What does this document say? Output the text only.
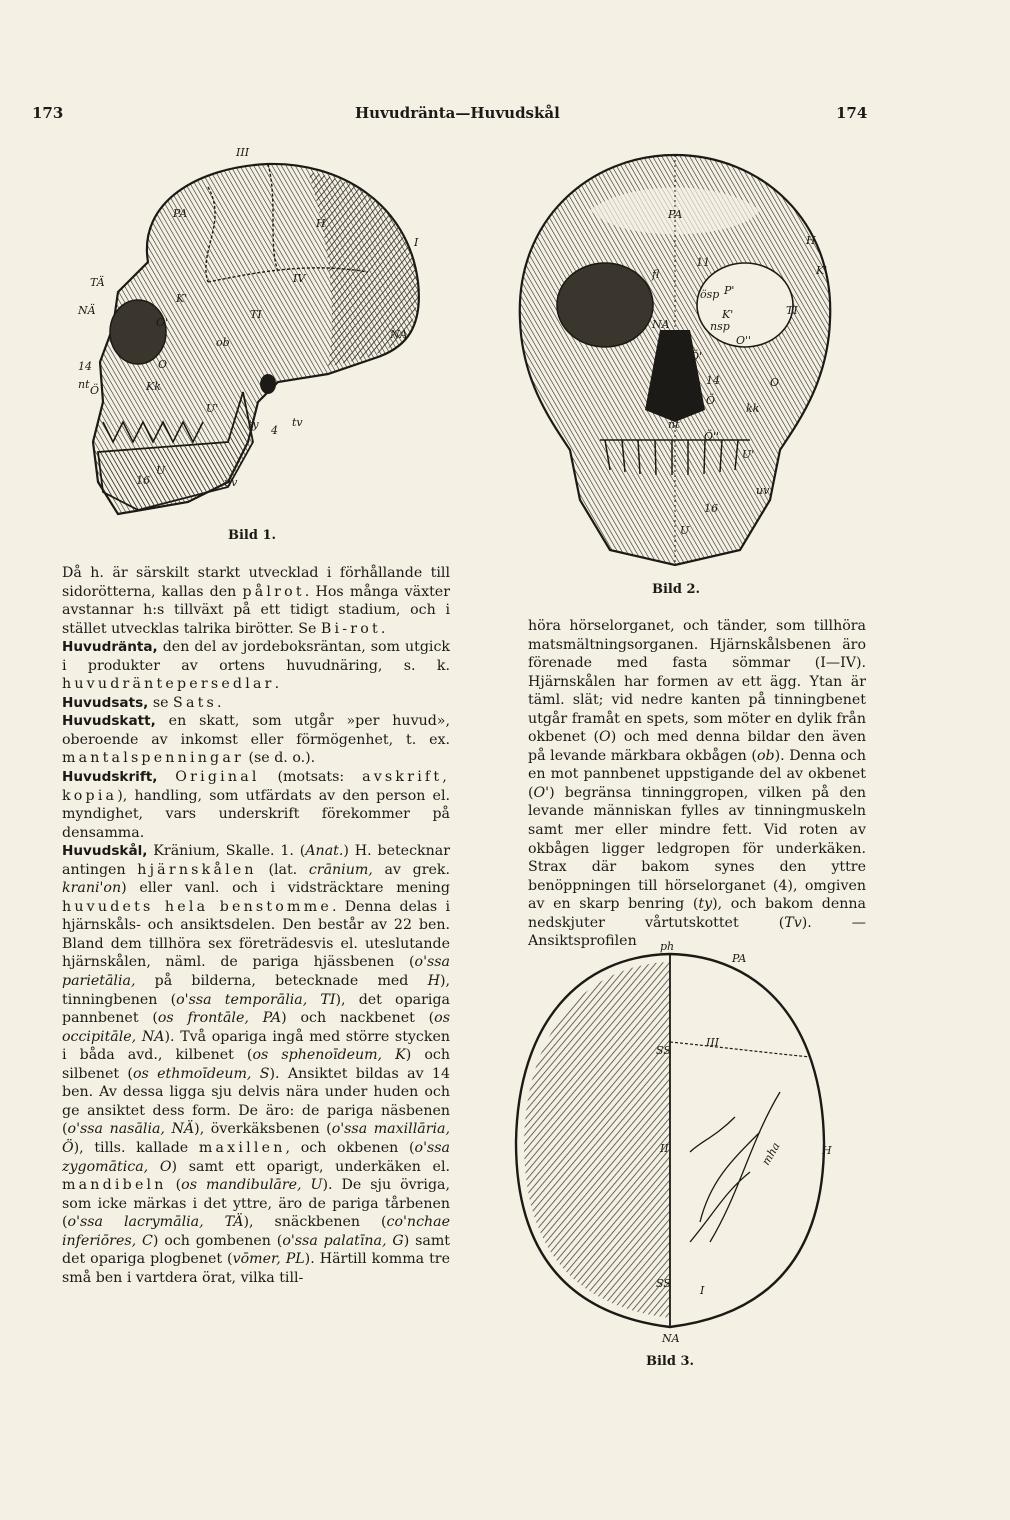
173	Huvudränta—Huvudskål	174
III
PA
H
I
IV
TÄ
NÄ
K'
O'
TI
NA
O
Ö
ob
Kk
ty 4
tv
U'
U
16	uv
nt
14
Bild 1.
PA
H
K'
fl
11
ösp P'
K'	TI
NA	nsp
O''
Ö'
S''
C 14	O
PL
Ö
kk
nt
Ö''
U'
uv
16
U
Bild 2.

Då h. är särskilt starkt utvecklad i förhållande till sidorötterna, kallas den pålrot. Hos många växter avstannar h:s tillväxt på ett tidigt stadium, och i stället utvecklas talrika birötter. Se Bi-rot.

Huvudränta, den del av jordeboksräntan, som utgick i produkter av ortens huvudnäring, s. k. huvudräntepersedlar.

Huvudsats, se Sats.

Huvudskatt, en skatt, som utgår »per huvud», oberoende av inkomst eller förmögenhet, t. ex. mantalspenningar (se d. o.).

Huvudskrift, Original (motsats: avskrift, kopia), handling, som utfärdats av den person el. myndighet, vars underskrift förekommer på densamma.

Huvudskål, Kränium, Skalle. 1. (Anat.) H. betecknar antingen hjärnskålen (lat. crānium, av grek. krani'on) eller vanl. och i vidsträcktare mening huvudets hela benstomme. Denna delas i hjärnskåls- och ansiktsdelen. Den består av 22 ben. Bland dem tillhöra sex företrädesvis el. uteslutande hjärnskålen, näml. de pariga hjässbenen (o'ssa parietālia, på bilderna, betecknade med H), tinningbenen (o'ssa temporālia, TI), det opariga pannbenet (os frontāle, PA) och nackbenet (os occipitāle, NA). Två opariga ingå med större stycken i båda avd., kilbenet (os sphenoīdeum, K) och silbenet (os ethmoīdeum, S). Ansiktet bildas av 14 ben. Av dessa ligga sju delvis nära under huden och ge ansiktet dess form. De äro: de pariga näsbenen (o'ssa nasālia, NÄ), överkäksbenen (o'ssa maxillāria, Ö), tills. kallade maxillen, och okbenen (o'ssa zygomātica, O) samt ett oparigt, underkäken el. mandibeln (os mandibulāre, U). De sju övriga, som icke märkas i det yttre, äro de pariga tårbenen (o'ssa lacrymālia, TÄ), snäckbenen (co'nchae inferiōres, C) och gombenen (o'ssa palatīna, G) samt det opariga plogbenet (vōmer, PL). Härtill komma tre små ben i vartdera örat, vilka till-

höra hörselorganet, och tänder, som tillhöra matsmältningsorganen. Hjärnskålsbenen äro förenade med fasta sömmar (I—IV). Hjärnskålen har formen av ett ägg. Ytan är täml. slät; vid nedre kanten på tinningbenet utgår framåt en spets, som möter en dylik från okbenet (O) och med denna bildar den även på levande märkbara okbågen (ob). Denna och en mot pannbenet uppstigande del av okbenet (O') begränsa tinninggropen, vilken på den levande människan fylles av tinningmuskeln samt mer eller mindre fett. Vid roten av okbågen ligger ledgropen för underkäken. Strax där bakom synes den yttre benöppningen till hörselorganet (4), omgiven av en skarp benring (ty), och bakom denna nedskjuter vårtutskottet (Tv). — Ansiktsprofilen	ph
PA
III
SS
II	mha	H
SS
I
NA
Bild 3.
